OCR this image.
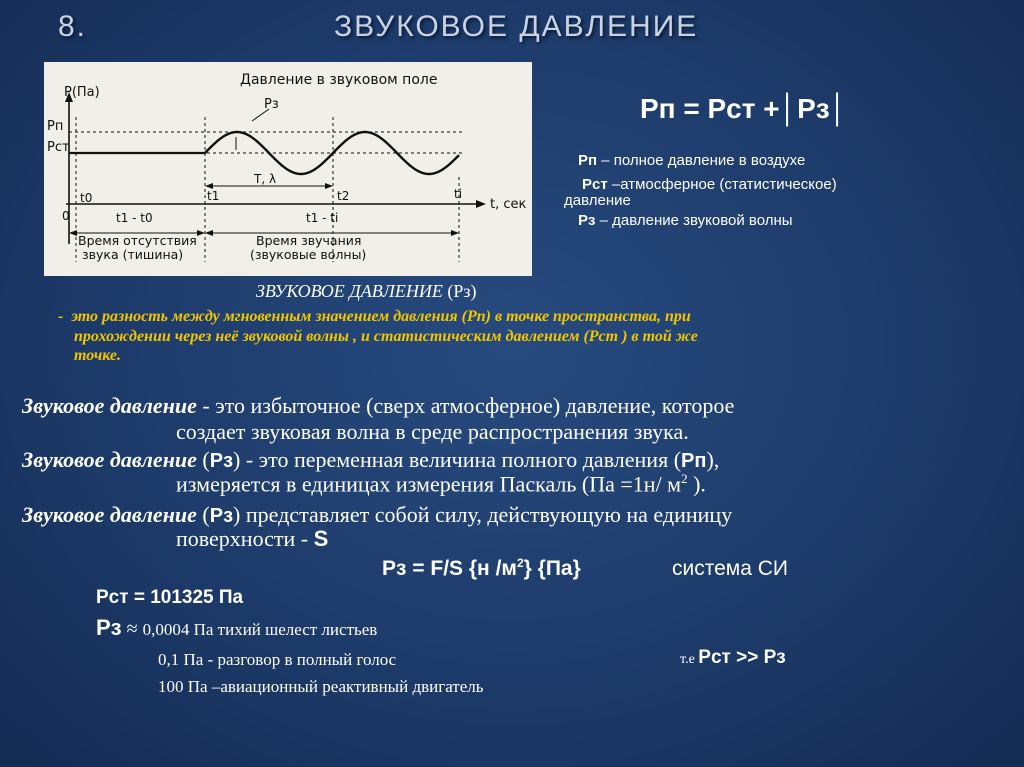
8.	ЗВУКОВОЕ ДАВЛЕНИЕ
Давление в звуковом поле
Р(Па)
t, сек
0
Pп
Pст
Pз
t0	t1	t2	ti
T, λ
t1 - t0	t1 - ti
Время отсутствия
звука (тишина)
Время звучания
(звуковые волны)
Рп = Рст +│Рз│
Рп – полное давление в воздухе
Рст –атмосферное (статистическое)
давление
Рз – давление звуковой волны
ЗВУКОВОЕ ДАВЛЕНИЕ (Рз)
- это разность между мгновенным значением давления (Рп) в точке пространства, при
прохождении через неё звуковой волны , и статистическим давлением (Рст ) в той же
точке.
Звуковое давление - это избыточное (сверх атмосферное) давление, которое
создает звуковая волна в среде распространения звука.
Звуковое давление (Рз) - это переменная величина полного давления (Рп),
измеряется в единицах измерения Паскаль (Па =1н/ $м^2$ ).
Звуковое давление (Рз) представляет собой силу, действующую на единицу
поверхности - S
Рз = F/S {н $/м^2$} {Па}	система СИ
Рст = 101325 Па
Рз ≈ 0,0004 Па тихий шелест листьев
0,1 Па - разговор в полный голос	т.е Рст >> Рз
100 Па –авиационный реактивный двигатель
